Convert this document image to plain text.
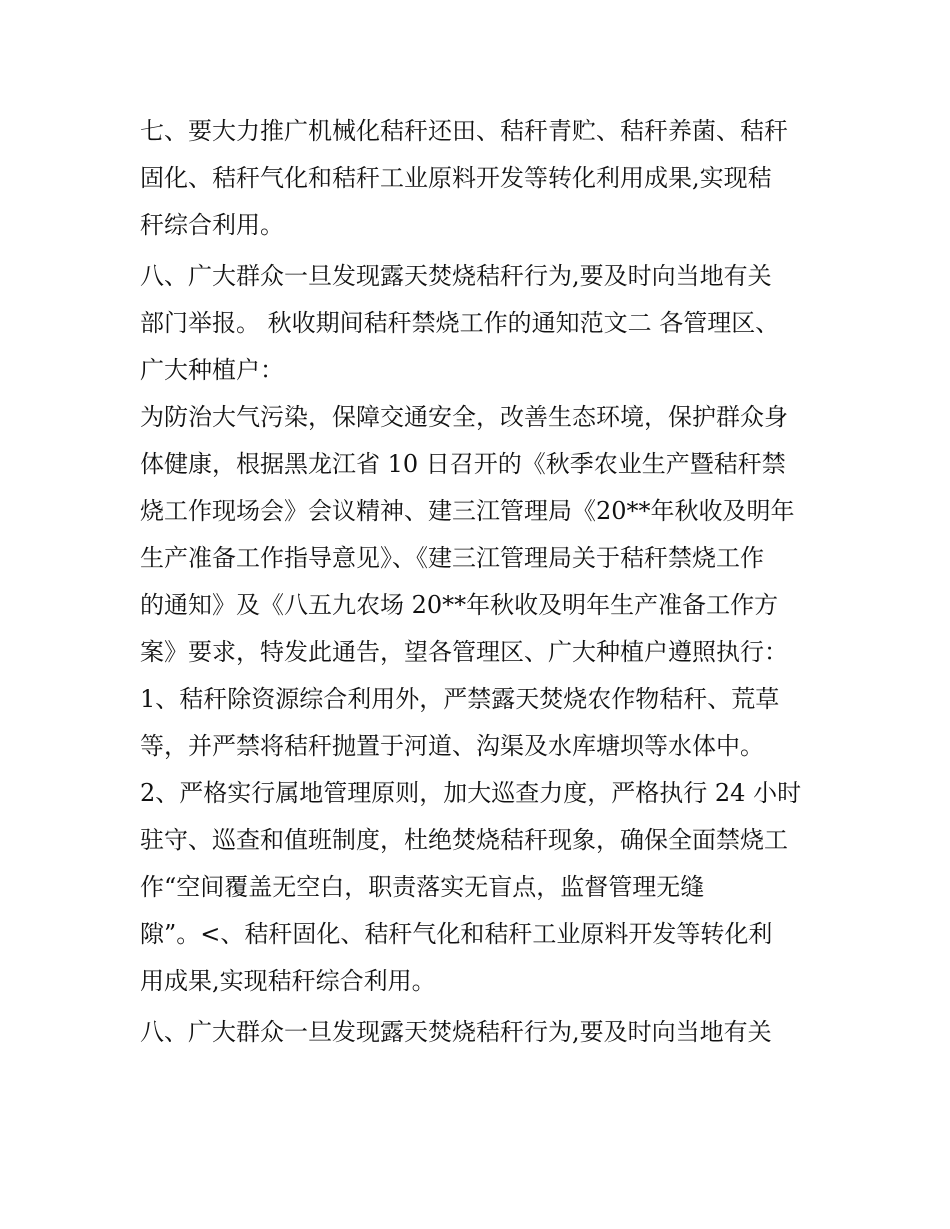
七、要大力推广机械化秸秆还田、秸秆青贮、秸秆养菌、秸秆
固化、秸秆气化和秸秆工业原料开发等转化利用成果,实现秸
秆综合利用。
八、广大群众一旦发现露天焚烧秸秆行为,要及时向当地有关
部门举报。 秋收期间秸秆禁烧工作的通知范文二 各管理区、
广大种植户：
为防治大气污染，保障交通安全，改善生态环境，保护群众身
体健康，根据黑龙江省 10 日召开的《秋季农业生产暨秸秆禁
烧工作现场会》会议精神、建三江管理局《20**年秋收及明年
生产准备工作指导意见》、《建三江管理局关于秸秆禁烧工作
的通知》及《八五九农场 20**年秋收及明年生产准备工作方
案》要求，特发此通告，望各管理区、广大种植户遵照执行：
1、秸秆除资源综合利用外，严禁露天焚烧农作物秸秆、荒草
等，并严禁将秸秆抛置于河道、沟渠及水库塘坝等水体中。
2、严格实行属地管理原则，加大巡查力度，严格执行 24 小时
驻守、巡查和值班制度，杜绝焚烧秸秆现象，确保全面禁烧工
作“空间覆盖无空白，职责落实无盲点，监督管理无缝
隙”。<、秸秆固化、秸秆气化和秸秆工业原料开发等转化利
用成果,实现秸秆综合利用。
八、广大群众一旦发现露天焚烧秸秆行为,要及时向当地有关
